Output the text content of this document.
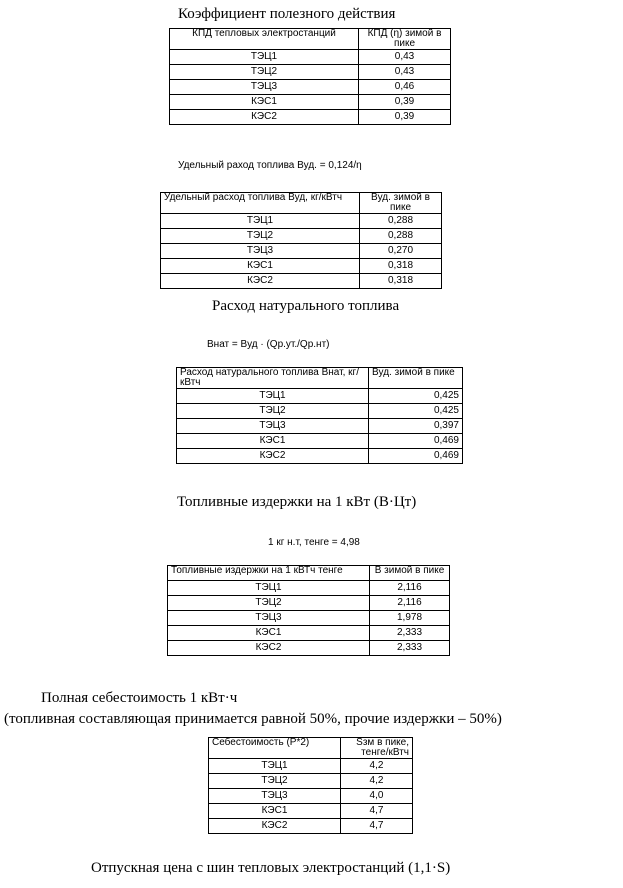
Коэффициент полезного действия
КПД тепловых электростанций	КПД (η) зимой в пике
ТЭЦ1	0,43
ТЭЦ2	0,43
ТЭЦ3	0,46
КЭС1	0,39
КЭС2	0,39
Удельный раход топлива Вуд. = 0,124/η
Удельный расход топлива Вуд, кг/кВтч	Вуд. зимой в пике
ТЭЦ1	0,288
ТЭЦ2	0,288
ТЭЦ3	0,270
КЭС1	0,318
КЭС2	0,318
Расход натурального топлива
Внат = Вуд · (Qр.ут./Qр.нт)
Расход натурального топлива Внат, кг/кВтч	Вуд. зимой в пике
ТЭЦ1	0,425
ТЭЦ2	0,425
ТЭЦ3	0,397
КЭС1	0,469
КЭС2	0,469
Топливные издержки на 1 кВт (В·Цт)
1 кг н.т, тенге = 4,98
Топливные издержки на 1 кВТч тенге	В зимой в пике
ТЭЦ1	2,116
ТЭЦ2	2,116
ТЭЦ3	1,978
КЭС1	2,333
КЭС2	2,333
Полная себестоимость 1 кВт·ч
(топливная составляющая принимается равной 50%, прочие издержки – 50%)
Себестоимость (Р*2)	Sзм в пике, тенге/кВтч
ТЭЦ1	4,2
ТЭЦ2	4,2
ТЭЦ3	4,0
КЭС1	4,7
КЭС2	4,7
Отпускная цена с шин тепловых электростанций (1,1·S)
